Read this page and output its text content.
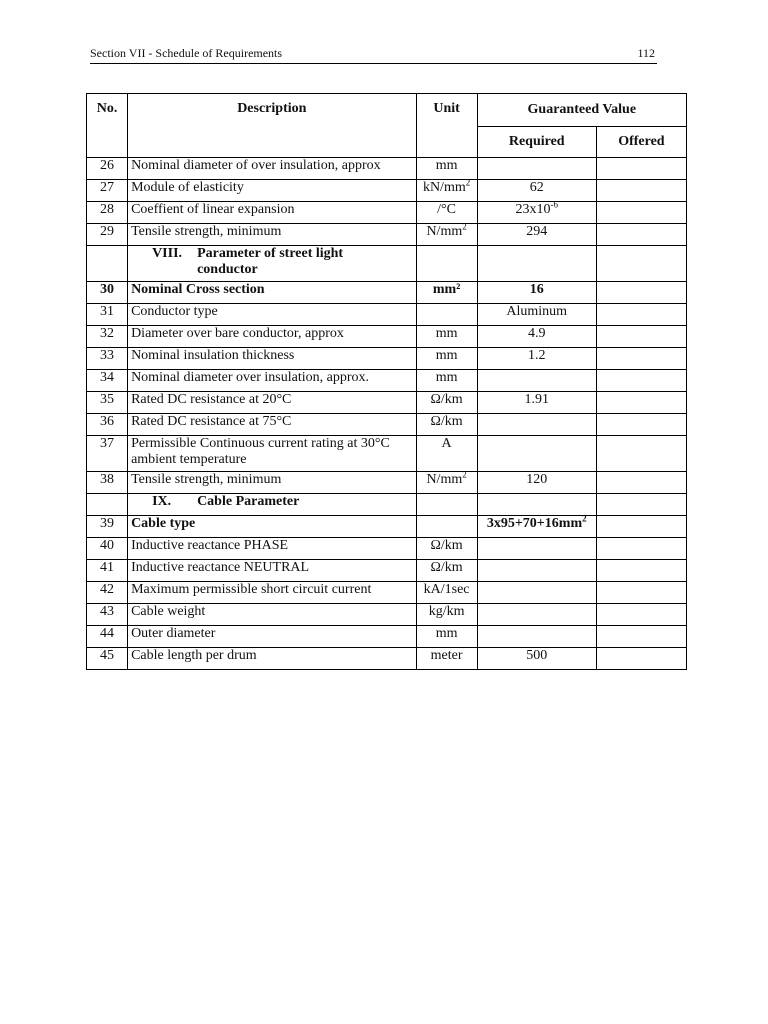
Section VII - Schedule of Requirements	112
No.	Description	Unit	Guaranteed Value	
			Required	Offered
26	Nominal diameter of over insulation, approx	mm		
27	Module of elasticity	$kN/mm^2$	62	
28	Coeffient of linear expansion	/°C	$23x10^{-6}$	
29	Tensile strength, minimum	$N/mm^2$	294	
	VIII. Parameter of street light
conductor			

30	Nominal Cross section	mm²	16	
31	Conductor type		Aluminum	
32	Diameter over bare conductor, approx	mm	4.9	
33	Nominal insulation thickness	mm	1.2	
34	Nominal diameter over insulation, approx.	mm		
35	Rated DC resistance at 20°C	Ω/km	1.91	
36	Rated DC resistance at 75°C	Ω/km		
37	Permissible Continuous current rating at 30°C ambient temperature	A		
38	Tensile strength, minimum	$N/mm^2$	120	
	IX. Cable Parameter			
39	Cable type		$3x95+70+16mm^2$	
40	Inductive reactance PHASE	Ω/km		
41	Inductive reactance NEUTRAL	Ω/km		
42	Maximum permissible short circuit current	kA/1sec		
43	Cable weight	kg/km		
44	Outer diameter	mm		
45	Cable length per drum	meter	500	
